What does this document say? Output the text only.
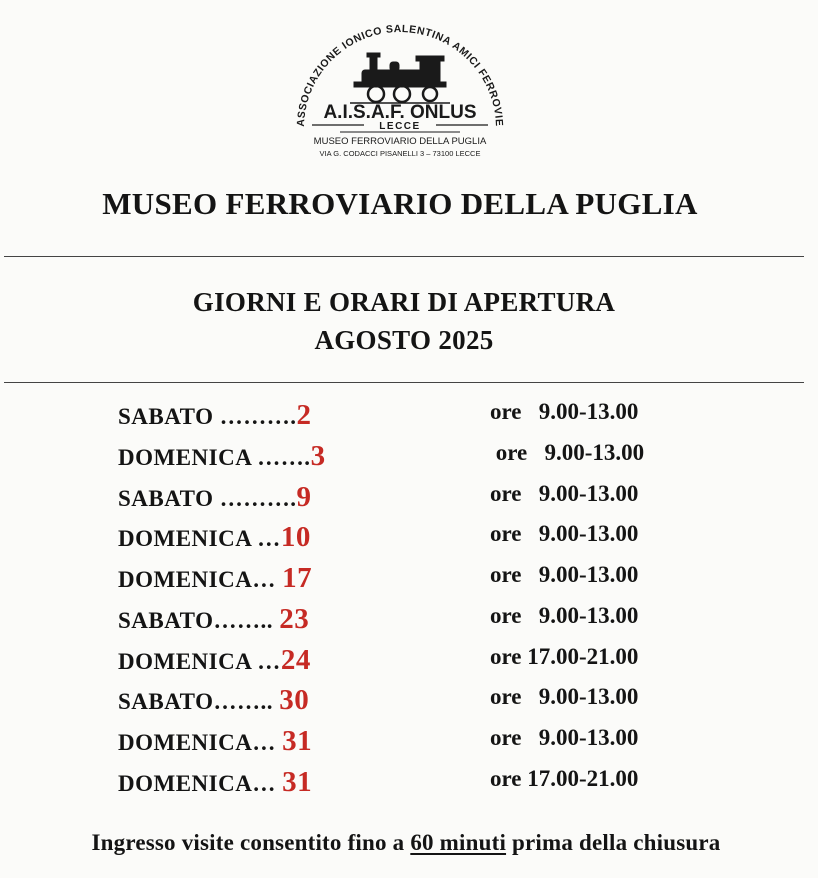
ASSOCIAZIONE IONICO SALENTINA AMICI FERROVIE
A.I.S.A.F. ONLUS
LECCE
MUSEO FERROVIARIO DELLA PUGLIA
VIA G. CODACCI PISANELLI 3 – 73100 LECCE
MUSEO FERROVIARIO DELLA PUGLIA
GIORNI E ORARI DI APERTURA
AGOSTO 2025
SABATO ……….2	ore   9.00-13.00
DOMENICA …….3	ore   9.00-13.00
SABATO ……….9	ore   9.00-13.00
DOMENICA …10	ore   9.00-13.00
DOMENICA… 17	ore   9.00-13.00
SABATO…….. 23	ore   9.00-13.00
DOMENICA …24	ore 17.00-21.00
SABATO…….. 30	ore   9.00-13.00
DOMENICA… 31	ore   9.00-13.00
DOMENICA… 31	ore 17.00-21.00
Ingresso visite consentito fino a 60 minuti prima della chiusura
